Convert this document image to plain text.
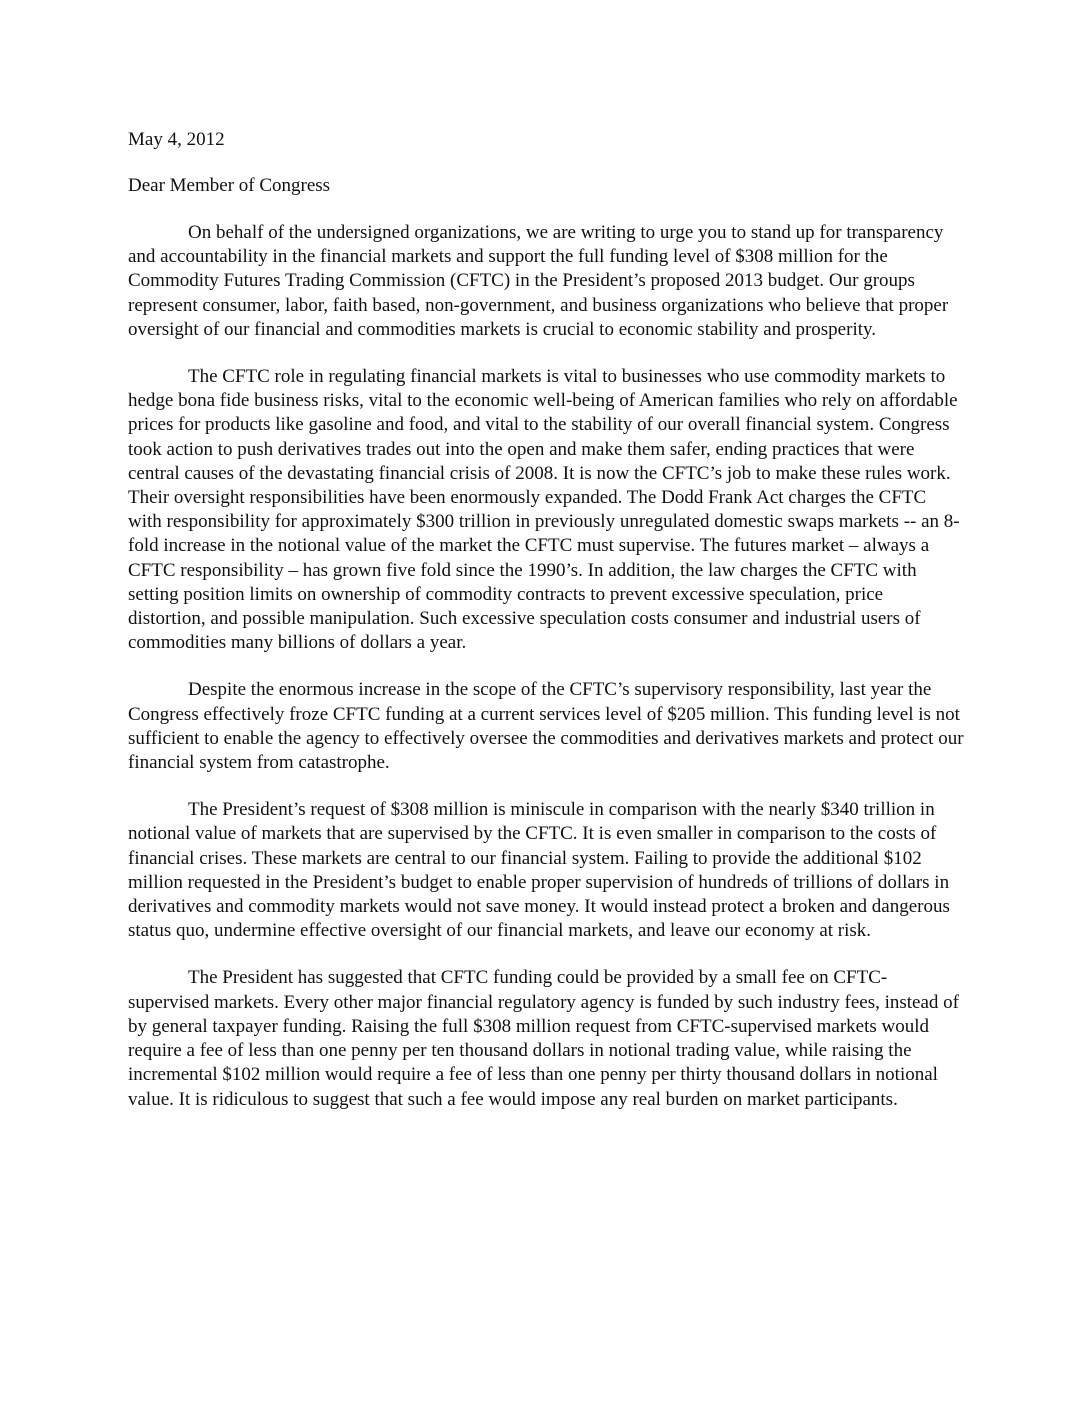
May 4, 2012

Dear Member of Congress

On behalf of the undersigned organizations, we are writing to urge you to stand up for transparency and accountability in the financial markets and support the full funding level of $308 million for the Commodity Futures Trading Commission (CFTC) in the President’s proposed 2013 budget. Our groups represent consumer, labor, faith based, non-government, and business organizations who believe that proper oversight of our financial and commodities markets is crucial to economic stability and prosperity.

The CFTC role in regulating financial markets is vital to businesses who use commodity markets to hedge bona fide business risks, vital to the economic well-being of American families who rely on affordable prices for products like gasoline and food, and vital to the stability of our overall financial system. Congress took action to push derivatives trades out into the open and make them safer, ending practices that were central causes of the devastating financial crisis of 2008. It is now the CFTC’s job to make these rules work. Their oversight responsibilities have been enormously expanded. The Dodd Frank Act charges the CFTC with responsibility for approximately $300 trillion in previously unregulated domestic swaps markets -- an 8-fold increase in the notional value of the market the CFTC must supervise. The futures market – always a CFTC responsibility – has grown five fold since the 1990’s. In addition, the law charges the CFTC with setting position limits on ownership of commodity contracts to prevent excessive speculation, price distortion, and possible manipulation. Such excessive speculation costs consumer and industrial users of commodities many billions of dollars a year.

Despite the enormous increase in the scope of the CFTC’s supervisory responsibility, last year the Congress effectively froze CFTC funding at a current services level of $205 million. This funding level is not sufficient to enable the agency to effectively oversee the commodities and derivatives markets and protect our financial system from catastrophe.

The President’s request of $308 million is miniscule in comparison with the nearly $340 trillion in notional value of markets that are supervised by the CFTC. It is even smaller in comparison to the costs of financial crises. These markets are central to our financial system. Failing to provide the additional $102 million requested in the President’s budget to enable proper supervision of hundreds of trillions of dollars in derivatives and commodity markets would not save money. It would instead protect a broken and dangerous status quo, undermine effective oversight of our financial markets, and leave our economy at risk.

The President has suggested that CFTC funding could be provided by a small fee on CFTC-supervised markets. Every other major financial regulatory agency is funded by such industry fees, instead of by general taxpayer funding. Raising the full $308 million request from CFTC-supervised markets would require a fee of less than one penny per ten thousand dollars in notional trading value, while raising the incremental $102 million would require a fee of less than one penny per thirty thousand dollars in notional value. It is ridiculous to suggest that such a fee would impose any real burden on market participants.
